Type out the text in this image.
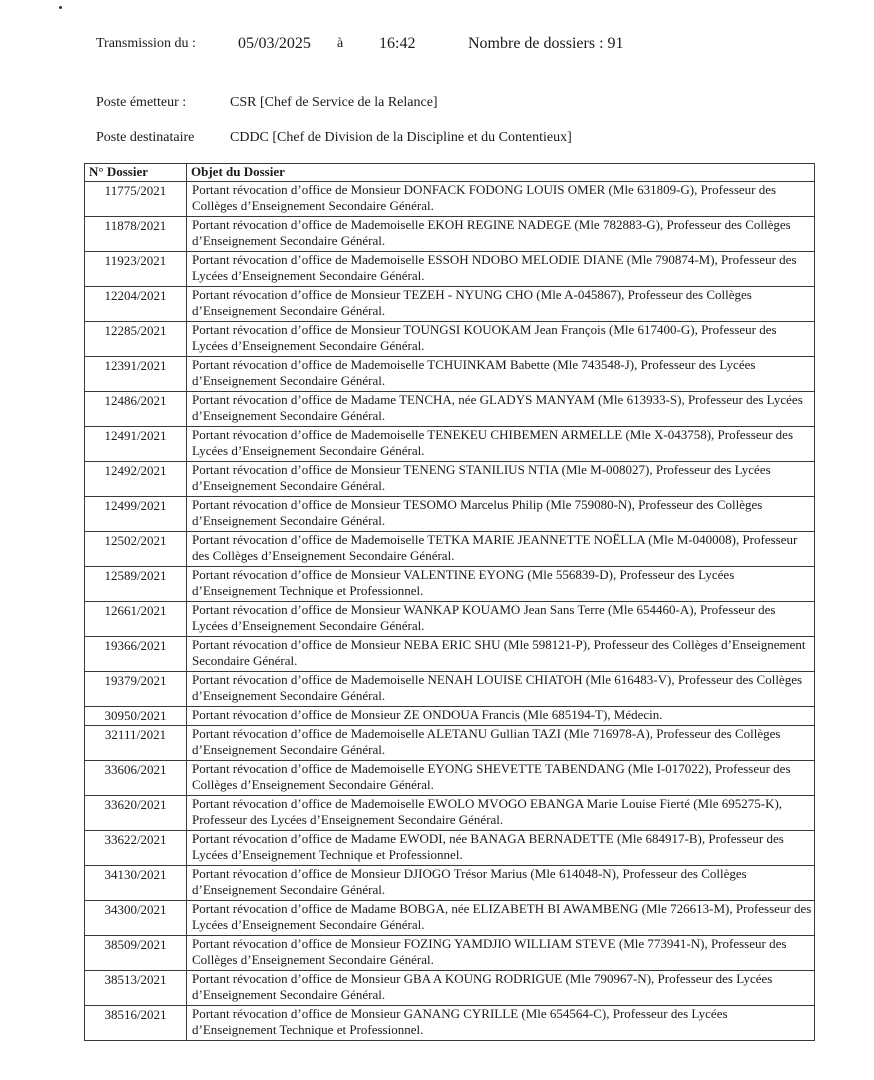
Transmission du :	05/03/2025 à 16:42	Nombre de dossiers : 91
Poste émetteur :	CSR [Chef de Service de la Relance]
Poste destinataire	CDDC [Chef de Division de la Discipline et du Contentieux]
N° Dossier	Objet du Dossier
11775/2021	Portant révocation d’office de Monsieur DONFACK FODONG LOUIS OMER (Mle 631809-G), Professeur des Collèges d’Enseignement Secondaire Général.
11878/2021	Portant révocation d’office de Mademoiselle EKOH REGINE NADEGE (Mle 782883-G), Professeur des Collèges d’Enseignement Secondaire Général.
11923/2021	Portant révocation d’office de Mademoiselle ESSOH NDOBO MELODIE DIANE (Mle 790874-M), Professeur des Lycées d’Enseignement Secondaire Général.
12204/2021	Portant révocation d’office de Monsieur TEZEH - NYUNG CHO (Mle A-045867), Professeur des Collèges d’Enseignement Secondaire Général.
12285/2021	Portant révocation d’office de Monsieur TOUNGSI KOUOKAM Jean François (Mle 617400-G), Professeur des Lycées d’Enseignement Secondaire Général.
12391/2021	Portant révocation d’office de Mademoiselle TCHUINKAM Babette (Mle 743548-J), Professeur des Lycées d’Enseignement Secondaire Général.
12486/2021	Portant révocation d’office de Madame TENCHA, née GLADYS MANYAM (Mle 613933-S), Professeur des Lycées d’Enseignement Secondaire Général.
12491/2021	Portant révocation d’office de Mademoiselle TENEKEU CHIBEMEN ARMELLE (Mle X-043758), Professeur des Lycées d’Enseignement Secondaire Général.
12492/2021	Portant révocation d’office de Monsieur TENENG STANILIUS NTIA (Mle M-008027), Professeur des Lycées d’Enseignement Secondaire Général.
12499/2021	Portant révocation d’office de Monsieur TESOMO Marcelus Philip (Mle 759080-N), Professeur des Collèges d’Enseignement Secondaire Général.
12502/2021	Portant révocation d’office de Mademoiselle TETKA MARIE JEANNETTE NOËLLA (Mle M-040008), Professeur des Collèges d’Enseignement Secondaire Général.
12589/2021	Portant révocation d’office de Monsieur VALENTINE EYONG (Mle 556839-D), Professeur des Lycées d’Enseignement Technique et Professionnel.
12661/2021	Portant révocation d’office de Monsieur WANKAP KOUAMO Jean Sans Terre (Mle 654460-A), Professeur des Lycées d’Enseignement Secondaire Général.
19366/2021	Portant révocation d’office de Monsieur NEBA ERIC SHU (Mle 598121-P), Professeur des Collèges d’Enseignement Secondaire Général.
19379/2021	Portant révocation d’office de Mademoiselle NENAH LOUISE CHIATOH (Mle 616483-V), Professeur des Collèges d’Enseignement Secondaire Général.
30950/2021	Portant révocation d’office de Monsieur ZE ONDOUA Francis (Mle 685194-T), Médecin.
32111/2021	Portant révocation d’office de Mademoiselle ALETANU Gullian TAZI (Mle 716978-A), Professeur des Collèges d’Enseignement Secondaire Général.
33606/2021	Portant révocation d’office de Mademoiselle EYONG SHEVETTE TABENDANG (Mle I-017022), Professeur des Collèges d’Enseignement Secondaire Général.
33620/2021	Portant révocation d’office de Mademoiselle EWOLO MVOGO EBANGA Marie Louise Fierté (Mle 695275-K), Professeur des Lycées d’Enseignement Secondaire Général.
33622/2021	Portant révocation d’office de Madame EWODI, née BANAGA BERNADETTE (Mle 684917-B), Professeur des Lycées d’Enseignement Technique et Professionnel.
34130/2021	Portant révocation d’office de Monsieur DJIOGO Trésor Marius (Mle 614048-N), Professeur des Collèges d’Enseignement Secondaire Général.
34300/2021	Portant révocation d’office de Madame BOBGA, née ELIZABETH BI AWAMBENG (Mle 726613-M), Professeur des Lycées d’Enseignement Secondaire Général.
38509/2021	Portant révocation d’office de Monsieur FOZING YAMDJIO WILLIAM STEVE (Mle 773941-N), Professeur des Collèges d’Enseignement Secondaire Général.
38513/2021	Portant révocation d’office de Monsieur GBA A KOUNG RODRIGUE (Mle 790967-N), Professeur des Lycées d’Enseignement Secondaire Général.
38516/2021	Portant révocation d’office de Monsieur GANANG CYRILLE (Mle 654564-C), Professeur des Lycées d’Enseignement Technique et Professionnel.
